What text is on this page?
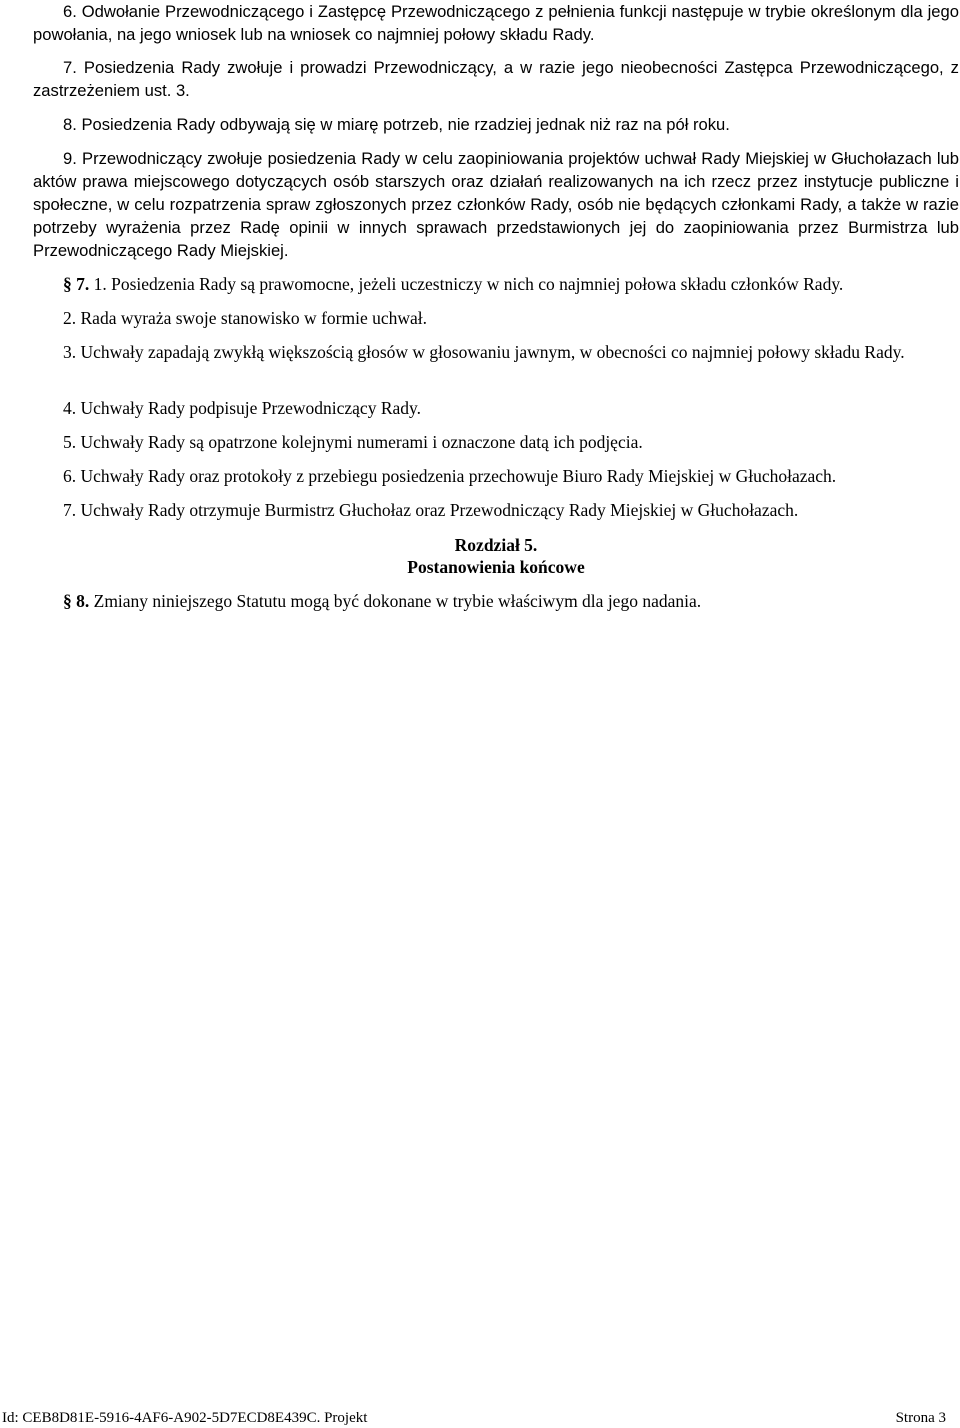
6. Odwołanie Przewodniczącego i Zastępcę Przewodniczącego z pełnienia funkcji następuje w trybie określonym dla jego powołania, na jego wniosek lub na wniosek co najmniej połowy składu Rady.

7. Posiedzenia Rady zwołuje i prowadzi Przewodniczący, a w razie jego nieobecności Zastępca Przewodniczącego, z zastrzeżeniem ust. 3.

8. Posiedzenia Rady odbywają się w miarę potrzeb, nie rzadziej jednak niż raz na pół roku.

9. Przewodniczący zwołuje posiedzenia Rady w celu zaopiniowania projektów uchwał Rady Miejskiej w Głuchołazach lub aktów prawa miejscowego dotyczących osób starszych oraz działań realizowanych na ich rzecz przez instytucje publiczne i społeczne, w celu rozpatrzenia spraw zgłoszonych przez członków Rady, osób nie będących członkami Rady, a także w razie potrzeby wyrażenia przez Radę opinii w innych sprawach przedstawionych jej do zaopiniowania przez Burmistrza lub Przewodniczącego Rady Miejskiej.

§ 7. 1. Posiedzenia Rady są prawomocne, jeżeli uczestniczy w nich co najmniej połowa składu członków Rady.

2. Rada wyraża swoje stanowisko w formie uchwał.

3. Uchwały zapadają zwykłą większością głosów w głosowaniu jawnym, w obecności co najmniej połowy składu Rady.

4. Uchwały Rady podpisuje Przewodniczący Rady.

5. Uchwały Rady są opatrzone kolejnymi numerami i oznaczone datą ich podjęcia.

6. Uchwały Rady oraz protokoły z przebiegu posiedzenia przechowuje Biuro Rady Miejskiej w Głuchołazach.

7. Uchwały Rady otrzymuje Burmistrz Głuchołaz oraz Przewodniczący Rady Miejskiej w Głuchołazach.

Rozdział 5.

Postanowienia końcowe

§ 8. Zmiany niniejszego Statutu mogą być dokonane w trybie właściwym dla jego nadania.

Id: CEB8D81E-5916-4AF6-A902-5D7ECD8E439C. Projekt	Strona 3
